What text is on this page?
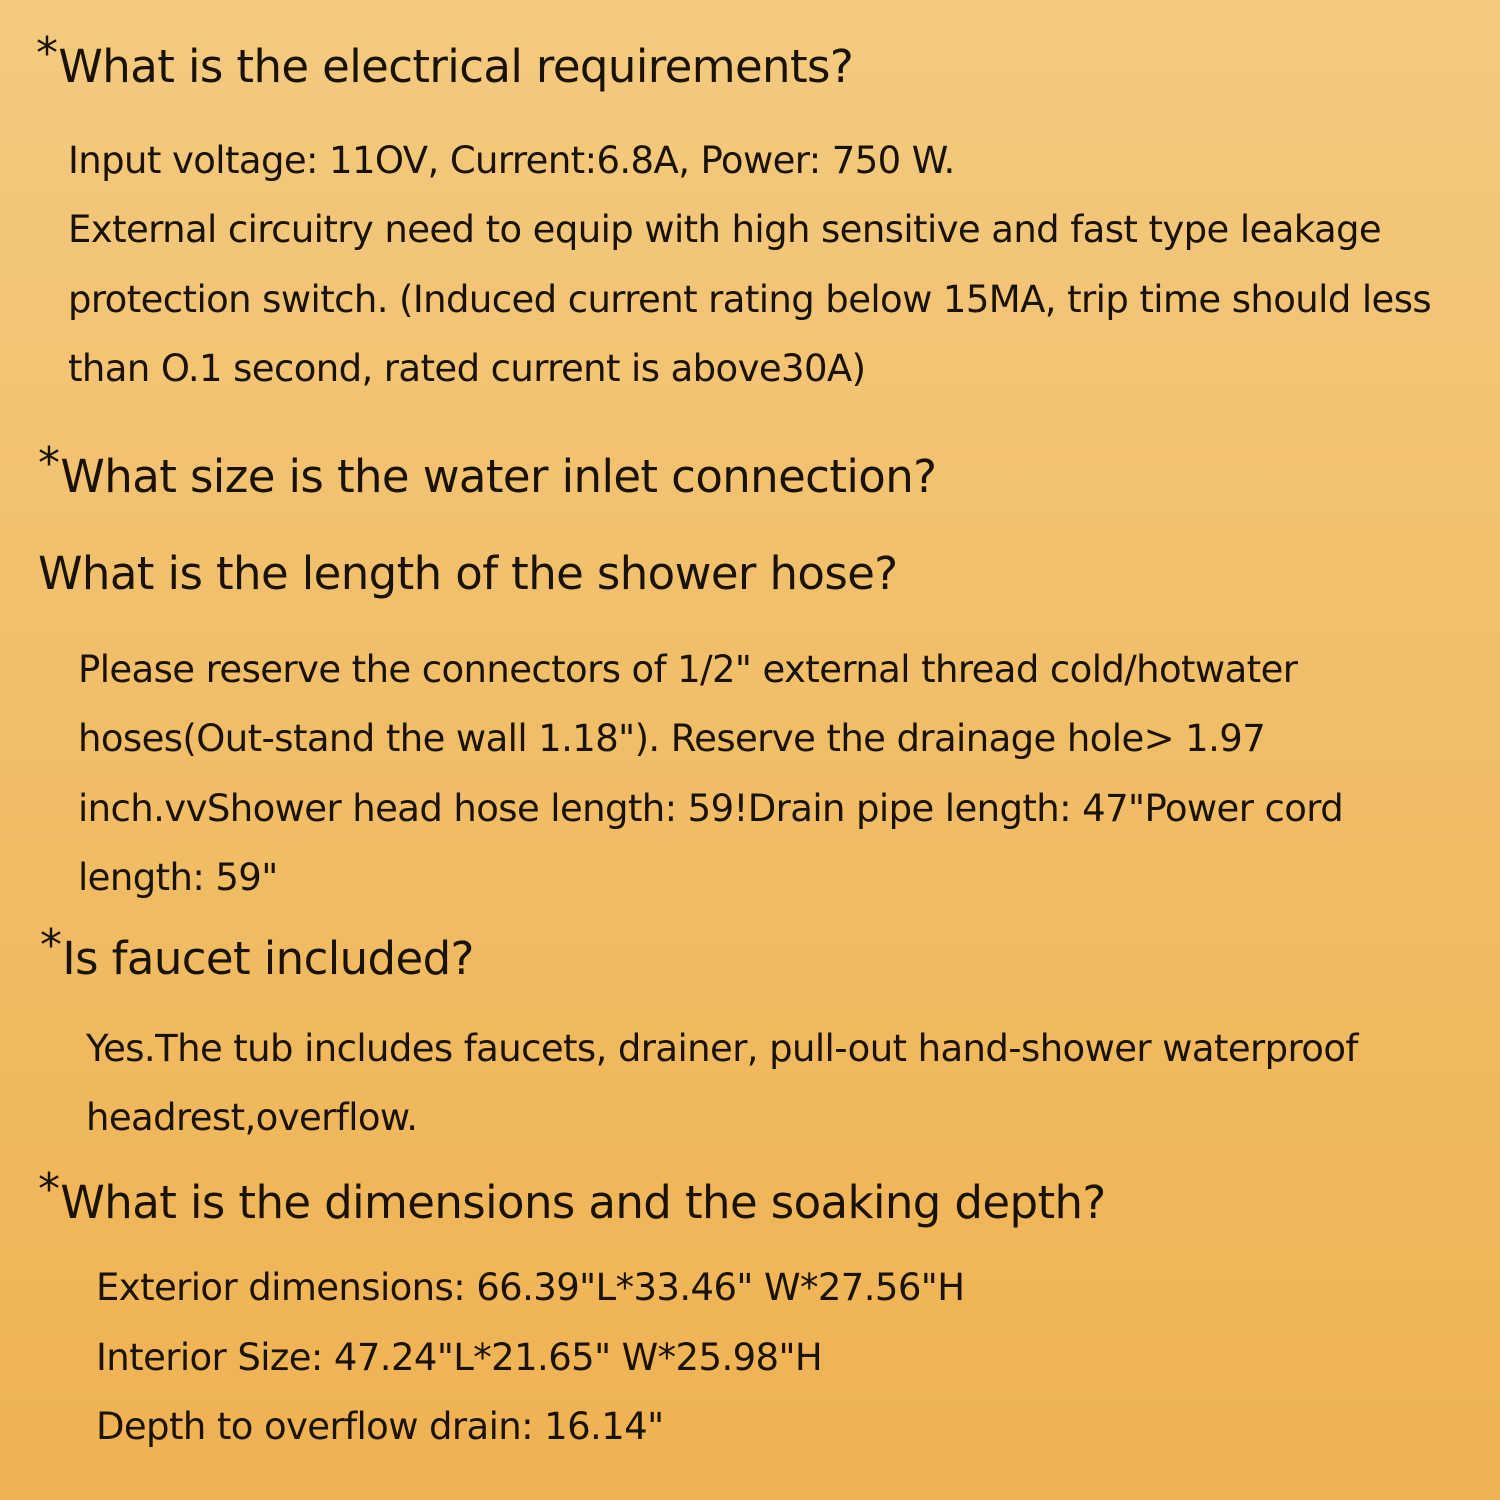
*What is the electrical requirements?
Input voltage: 11OV, Current:6.8A, Power: 750 W.
External circuitry need to equip with high sensitive and fast type leakage
protection switch. (Induced current rating below 15MA, trip time should less
than O.1 second, rated current is above30A)
*What size is the water inlet connection?
What is the length of the shower hose?
Please reserve the connectors of 1/2" external thread cold/hotwater
hoses(Out-stand the wall 1.18"). Reserve the drainage hole> 1.97
inch.vvShower head hose length: 59!Drain pipe length: 47"Power cord
length: 59"
*Is faucet included?
Yes.The tub includes faucets, drainer, pull-out hand-shower waterproof
headrest,overflow.
*What is the dimensions and the soaking depth?
Exterior dimensions: 66.39"L*33.46" W*27.56"H
Interior Size: 47.24"L*21.65" W*25.98"H
Depth to overflow drain: 16.14"
